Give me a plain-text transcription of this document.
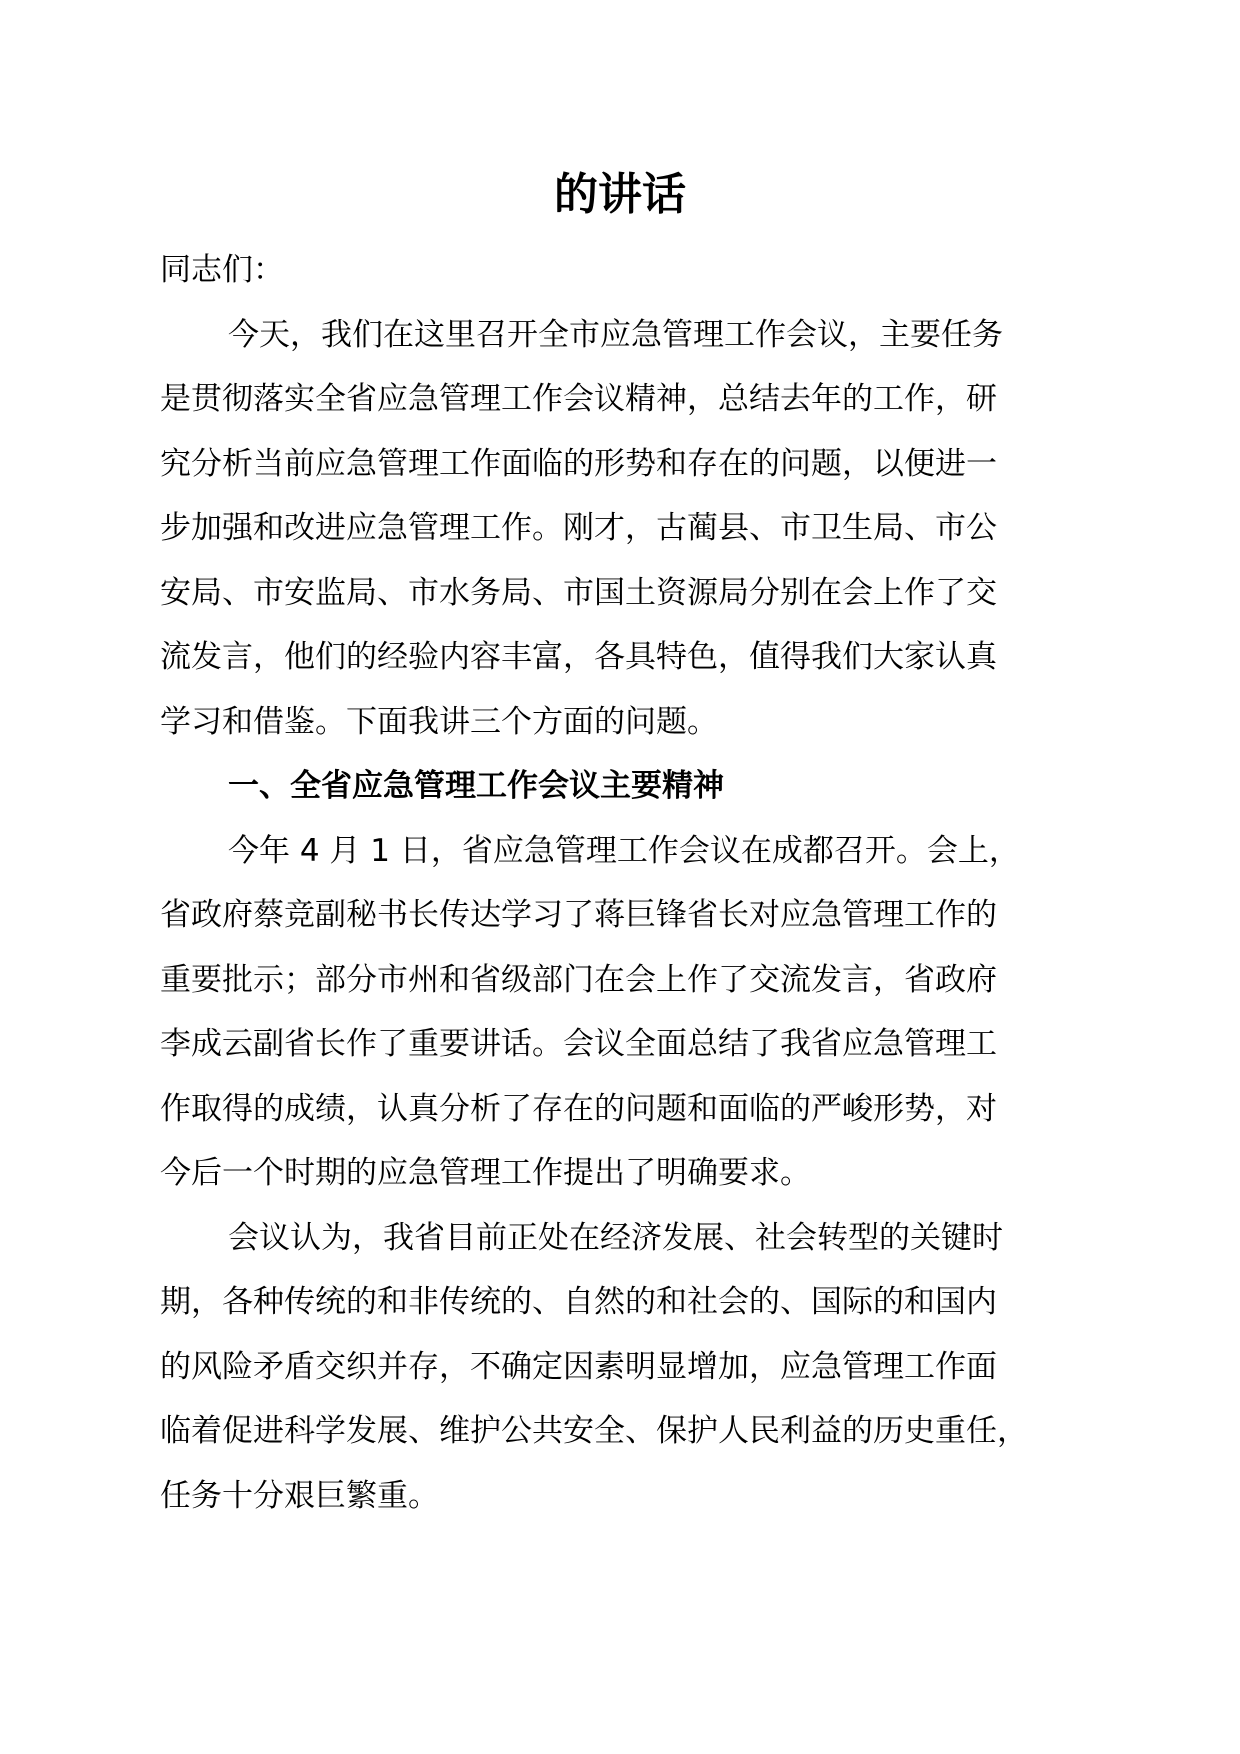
的讲话
同志们：
今天，我们在这里召开全市应急管理工作会议，主要任务
是贯彻落实全省应急管理工作会议精神，总结去年的工作，研
究分析当前应急管理工作面临的形势和存在的问题，以便进一
步加强和改进应急管理工作。刚才，古蔺县、市卫生局、市公
安局、市安监局、市水务局、市国土资源局分别在会上作了交
流发言，他们的经验内容丰富，各具特色，值得我们大家认真
学习和借鉴。下面我讲三个方面的问题。
一、全省应急管理工作会议主要精神
今年 4 月 1 日，省应急管理工作会议在成都召开。会上，
省政府蔡竞副秘书长传达学习了蒋巨锋省长对应急管理工作的
重要批示；部分市州和省级部门在会上作了交流发言，省政府
李成云副省长作了重要讲话。会议全面总结了我省应急管理工
作取得的成绩，认真分析了存在的问题和面临的严峻形势，对
今后一个时期的应急管理工作提出了明确要求。
会议认为，我省目前正处在经济发展、社会转型的关键时
期，各种传统的和非传统的、自然的和社会的、国际的和国内
的风险矛盾交织并存，不确定因素明显增加，应急管理工作面
临着促进科学发展、维护公共安全、保护人民利益的历史重任，
任务十分艰巨繁重。
